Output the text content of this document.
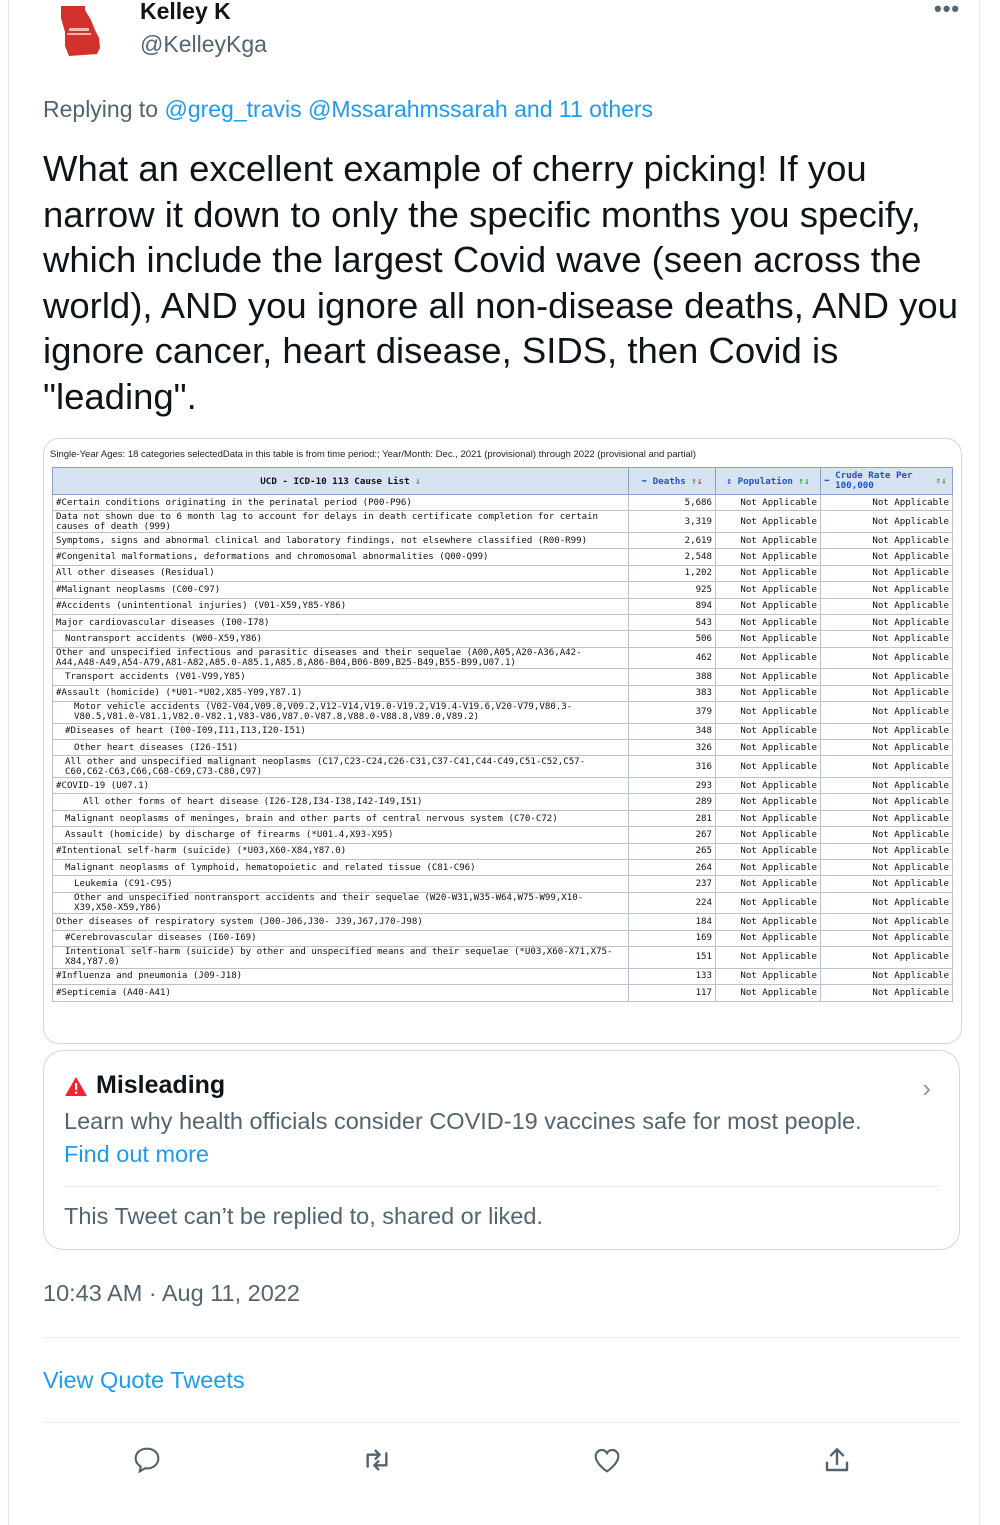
Kelley K
@KelleyKga
•••
Replying to @greg_travis @Mssarahmssarah and 11 others
What an excellent example of cherry picking! If you narrow it down to only the specific months you specify, which include the largest Covid wave (seen across the world), AND you ignore all non-disease deaths, AND you ignore cancer, heart disease, SIDS, then Covid is "leading".
Single-Year Ages: 18 categories selectedData in this table is from time period:; Year/Month: Dec., 2021 (provisional) through 2022 (provisional and partial)
UCD - ICD-10 113 Cause List ⇓	➡ Deaths ⇑⇓	⇕ Population ⇑⇓	⬅ Crude Rate Per 100,000 ⇑⇓
#Certain conditions originating in the perinatal period (P00-P96)	5,686	Not Applicable	Not Applicable
Data not shown due to 6 month lag to account for delays in death certificate completion for certain causes of death (999)	3,319	Not Applicable	Not Applicable
Symptoms, signs and abnormal clinical and laboratory findings, not elsewhere classified (R00-R99)	2,619	Not Applicable	Not Applicable
#Congenital malformations, deformations and chromosomal abnormalities (Q00-Q99)	2,548	Not Applicable	Not Applicable
All other diseases (Residual)	1,202	Not Applicable	Not Applicable
#Malignant neoplasms (C00-C97)	925	Not Applicable	Not Applicable
#Accidents (unintentional injuries) (V01-X59,Y85-Y86)	894	Not Applicable	Not Applicable
Major cardiovascular diseases (I00-I78)	543	Not Applicable	Not Applicable
Nontransport accidents (W00-X59,Y86)	506	Not Applicable	Not Applicable
Other and unspecified infectious and parasitic diseases and their sequelae (A00,A05,A20-A36,A42-A44,A48-A49,A54-A79,A81-A82,A85.0-A85.1,A85.8,A86-B04,B06-B09,B25-B49,B55-B99,U07.1)	462	Not Applicable	Not Applicable
Transport accidents (V01-V99,Y85)	388	Not Applicable	Not Applicable
#Assault (homicide) (*U01-*U02,X85-Y09,Y87.1)	383	Not Applicable	Not Applicable
Motor vehicle accidents (V02-V04,V09.0,V09.2,V12-V14,V19.0-V19.2,V19.4-V19.6,V20-V79,V80.3-V80.5,V81.0-V81.1,V82.0-V82.1,V83-V86,V87.0-V87.8,V88.0-V88.8,V89.0,V89.2)	379	Not Applicable	Not Applicable
#Diseases of heart (I00-I09,I11,I13,I20-I51)	348	Not Applicable	Not Applicable
Other heart diseases (I26-I51)	326	Not Applicable	Not Applicable
All other and unspecified malignant neoplasms (C17,C23-C24,C26-C31,C37-C41,C44-C49,C51-C52,C57-C60,C62-C63,C66,C68-C69,C73-C80,C97)	316	Not Applicable	Not Applicable
#COVID-19 (U07.1)	293	Not Applicable	Not Applicable
All other forms of heart disease (I26-I28,I34-I38,I42-I49,I51)	289	Not Applicable	Not Applicable
Malignant neoplasms of meninges, brain and other parts of central nervous system (C70-C72)	281	Not Applicable	Not Applicable
Assault (homicide) by discharge of firearms (*U01.4,X93-X95)	267	Not Applicable	Not Applicable
#Intentional self-harm (suicide) (*U03,X60-X84,Y87.0)	265	Not Applicable	Not Applicable
Malignant neoplasms of lymphoid, hematopoietic and related tissue (C81-C96)	264	Not Applicable	Not Applicable
Leukemia (C91-C95)	237	Not Applicable	Not Applicable
Other and unspecified nontransport accidents and their sequelae (W20-W31,W35-W64,W75-W99,X10-X39,X50-X59,Y86)	224	Not Applicable	Not Applicable
Other diseases of respiratory system (J00-J06,J30- J39,J67,J70-J98)	184	Not Applicable	Not Applicable
#Cerebrovascular diseases (I60-I69)	169	Not Applicable	Not Applicable
Intentional self-harm (suicide) by other and unspecified means and their sequelae (*U03,X60-X71,X75-X84,Y87.0)	151	Not Applicable	Not Applicable
#Influenza and pneumonia (J09-J18)	133	Not Applicable	Not Applicable
#Septicemia (A40-A41)	117	Not Applicable	Not Applicable
Misleading	›
Learn why health officials consider COVID-19 vaccines safe for most people.
Find out more
This Tweet can’t be replied to, shared or liked.
10:43 AM · Aug 11, 2022
View Quote Tweets
